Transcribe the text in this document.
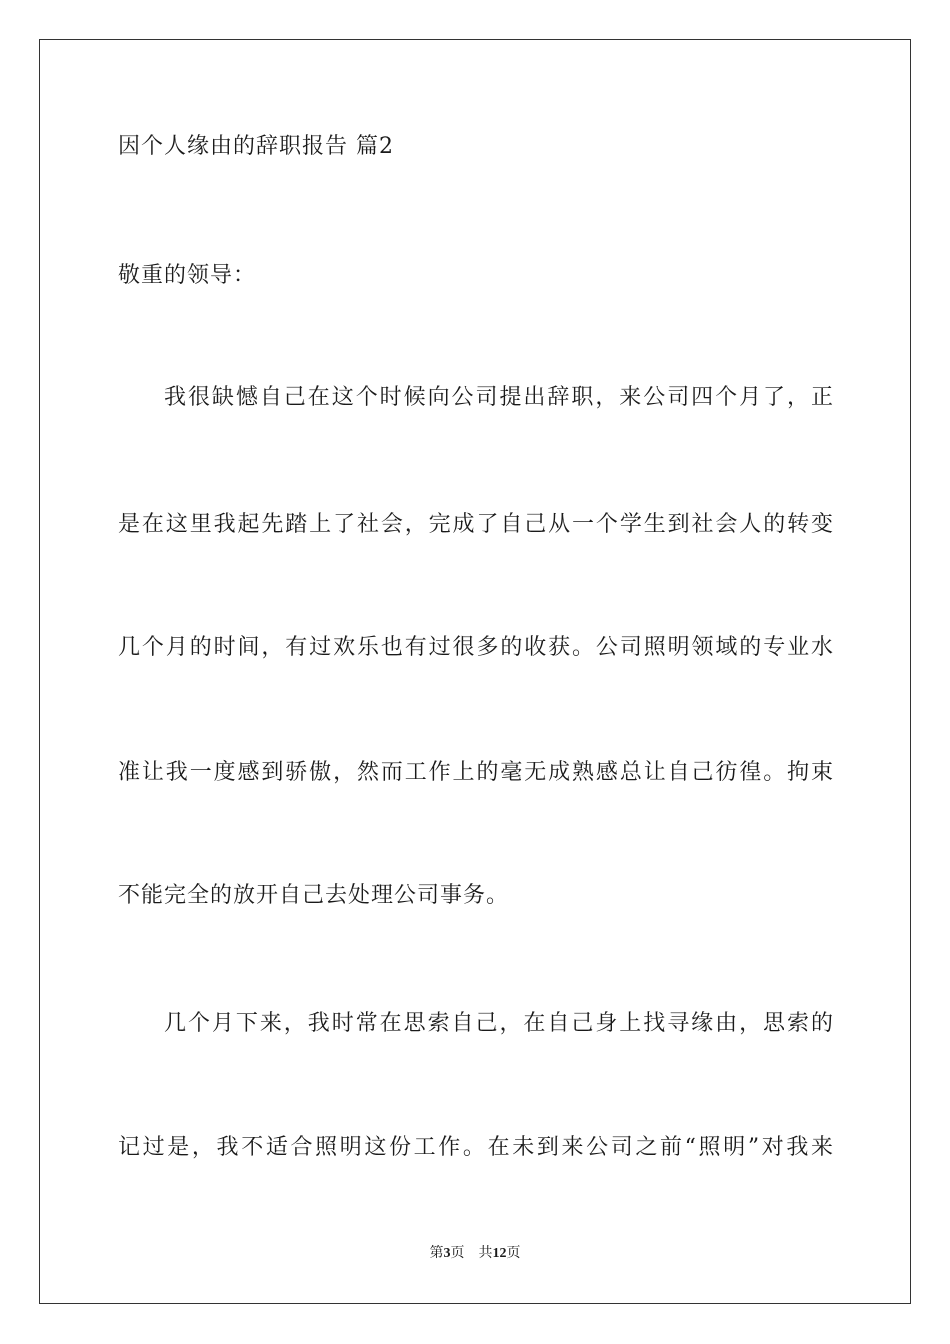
因个人缘由的辞职报告 篇2
敬重的领导：
我很缺憾自己在这个时候向公司提出辞职，来公司四个月了，正
是在这里我起先踏上了社会，完成了自己从一个学生到社会人的转变
几个月的时间，有过欢乐也有过很多的收获。公司照明领域的专业水
准让我一度感到骄傲，然而工作上的毫无成熟感总让自己彷徨。拘束
不能完全的放开自己去处理公司事务。
几个月下来，我时常在思索自己，在自己身上找寻缘由，思索的
记过是，我不适合照明这份工作。在未到来公司之前“照明”对我来
第3页 共12页
